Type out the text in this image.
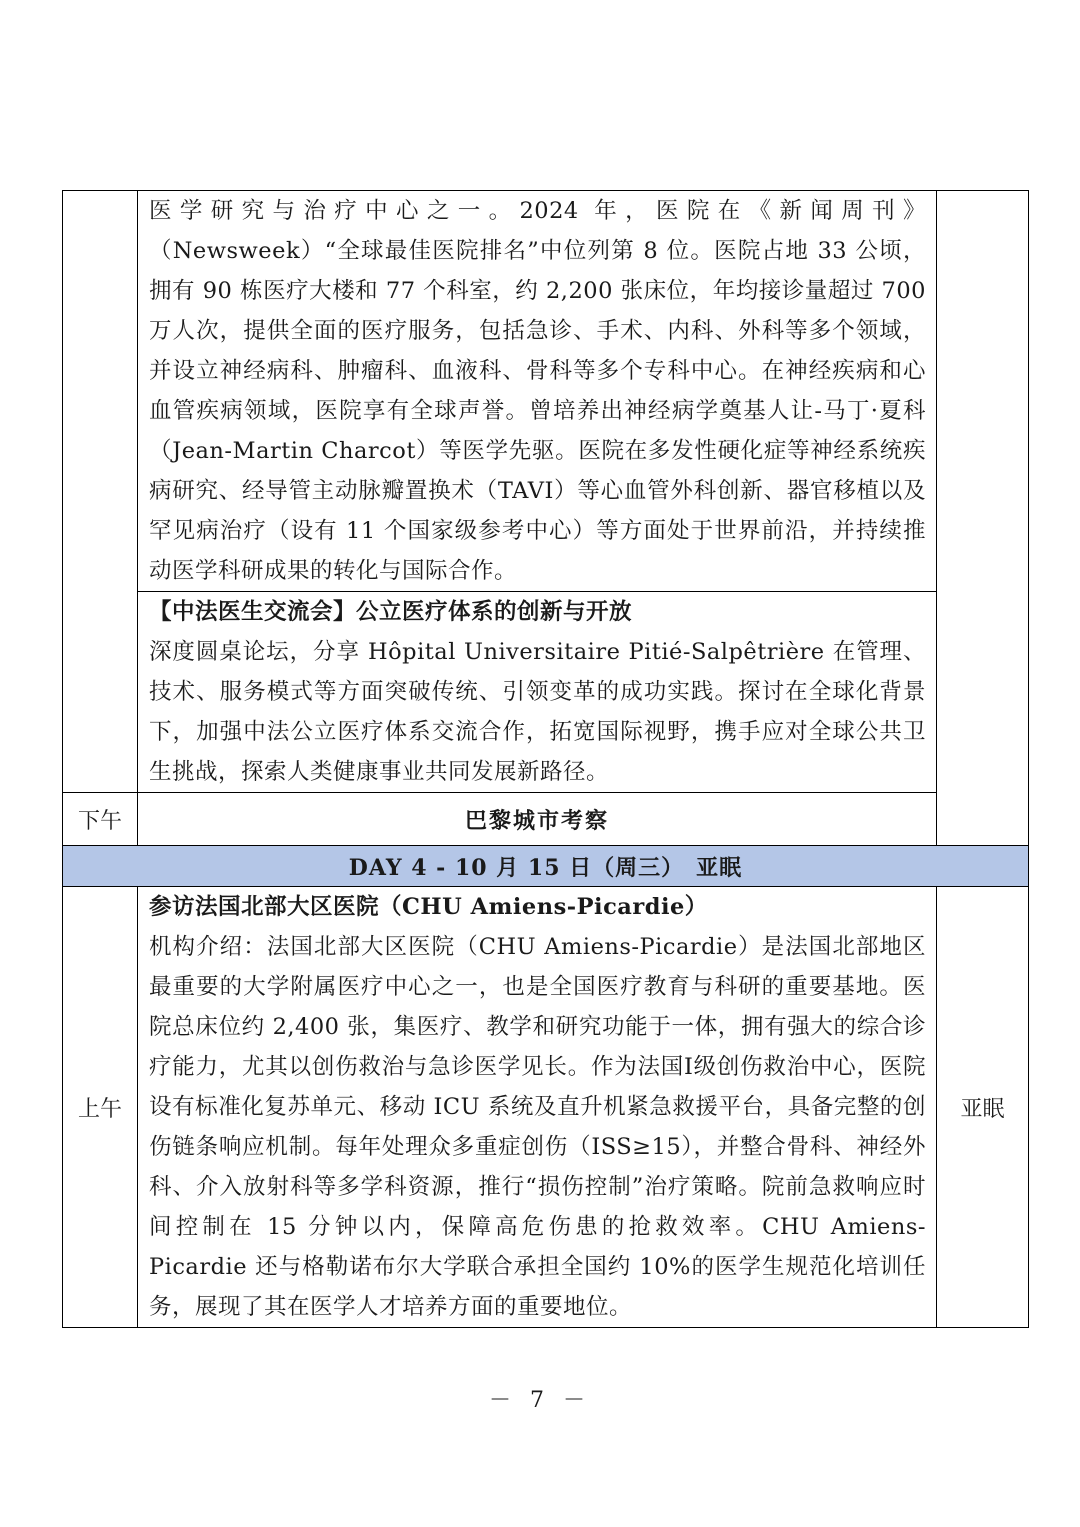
	医学研究与治疗中心之一。2024 年，医院在《新闻周刊》（Newsweek）“全球最佳医院排名”中位列第 8 位。医院占地 33 公顷，拥有 90 栋医疗大楼和 77 个科室，约 2,200 张床位，年均接诊量超过 700 万人次，提供全面的医疗服务，包括急诊、手术、内科、外科等多个领域，并设立神经病科、肿瘤科、血液科、骨科等多个专科中心。在神经疾病和心血管疾病领域，医院享有全球声誉。曾培养出神经病学奠基人让-马丁·夏科（Jean-Martin Charcot）等医学先驱。医院在多发性硬化症等神经系统疾病研究、经导管主动脉瓣置换术（TAVI）等心血管外科创新、器官移植以及罕见病治疗（设有 11 个国家级参考中心）等方面处于世界前沿，并持续推动医学科研成果的转化与国际合作。	

	【中法医生交流会】公立医疗体系的创新与开放

深度圆桌论坛，分享 Hôpital Universitaire Pitié-Salpêtrière 在管理、技术、服务模式等方面突破传统、引领变革的成功实践。探讨在全球化背景下，加强中法公立医疗体系交流合作，拓宽国际视野，携手应对全球公共卫生挑战，探索人类健康事业共同发展新路径。	

下午	巴黎城市考察	
DAY 4 - 10 月 15 日（周三）　亚眠		
上午	参访法国北部大区医院（CHU Amiens-Picardie）

机构介绍：法国北部大区医院（CHU Amiens-Picardie）是法国北部地区最重要的大学附属医疗中心之一，也是全国医疗教育与科研的重要基地。医院总床位约 2,400 张，集医疗、教学和研究功能于一体，拥有强大的综合诊疗能力，尤其以创伤救治与急诊医学见长。作为法国I级创伤救治中心，医院设有标准化复苏单元、移动 ICU 系统及直升机紧急救援平台，具备完整的创伤链条响应机制。每年处理众多重症创伤（ISS≥15），并整合骨科、神经外科、介入放射科等多学科资源，推行“损伤控制”治疗策略。院前急救响应时间控制在 15 分钟以内，保障高危伤患的抢救效率。CHU Amiens-Picardie 还与格勒诺布尔大学联合承担全国约 10%的医学生规范化培训任务，展现了其在医学人才培养方面的重要地位。	亚眠
－ 7 －
